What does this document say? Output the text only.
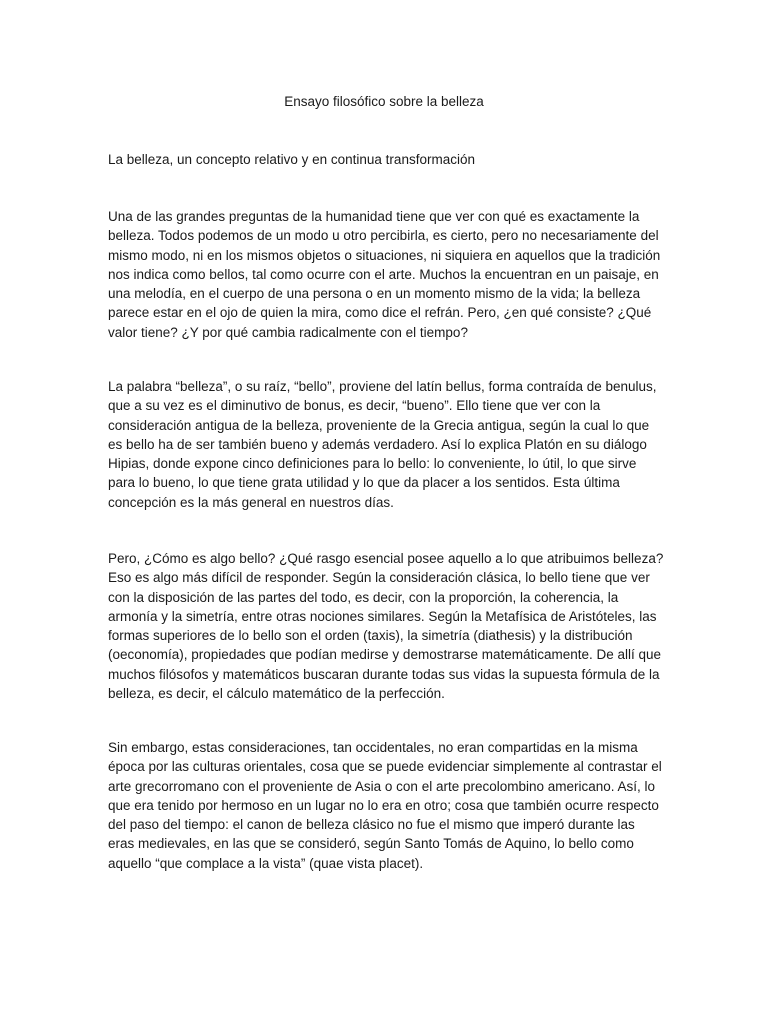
Ensayo filosófico sobre la belleza

La belleza, un concepto relativo y en continua transformación

Una de las grandes preguntas de la humanidad tiene que ver con qué es exactamente la belleza. Todos podemos de un modo u otro percibirla, es cierto, pero no necesariamente del mismo modo, ni en los mismos objetos o situaciones, ni siquiera en aquellos que la tradición nos indica como bellos, tal como ocurre con el arte. Muchos la encuentran en un paisaje, en una melodía, en el cuerpo de una persona o en un momento mismo de la vida; la belleza parece estar en el ojo de quien la mira, como dice el refrán. Pero, ¿en qué consiste? ¿Qué valor tiene? ¿Y por qué cambia radicalmente con el tiempo?

La palabra “belleza”, o su raíz, “bello”, proviene del latín bellus, forma contraída de benulus, que a su vez es el diminutivo de bonus, es decir, “bueno”. Ello tiene que ver con la consideración antigua de la belleza, proveniente de la Grecia antigua, según la cual lo que es bello ha de ser también bueno y además verdadero. Así lo explica Platón en su diálogo Hipias, donde expone cinco definiciones para lo bello: lo conveniente, lo útil, lo que sirve para lo bueno, lo que tiene grata utilidad y lo que da placer a los sentidos. Esta última concepción es la más general en nuestros días.

Pero, ¿Cómo es algo bello? ¿Qué rasgo esencial posee aquello a lo que atribuimos belleza? Eso es algo más difícil de responder. Según la consideración clásica, lo bello tiene que ver con la disposición de las partes del todo, es decir, con la proporción, la coherencia, la armonía y la simetría, entre otras nociones similares. Según la Metafísica de Aristóteles, las formas superiores de lo bello son el orden (taxis), la simetría (diathesis) y la distribución (oeconomía), propiedades que podían medirse y demostrarse matemáticamente. De allí que muchos filósofos y matemáticos buscaran durante todas sus vidas la supuesta fórmula de la belleza, es decir, el cálculo matemático de la perfección.

Sin embargo, estas consideraciones, tan occidentales, no eran compartidas en la misma época por las culturas orientales, cosa que se puede evidenciar simplemente al contrastar el arte grecorromano con el proveniente de Asia o con el arte precolombino americano. Así, lo que era tenido por hermoso en un lugar no lo era en otro; cosa que también ocurre respecto del paso del tiempo: el canon de belleza clásico no fue el mismo que imperó durante las eras medievales, en las que se consideró, según Santo Tomás de Aquino, lo bello como aquello “que complace a la vista” (quae vista placet).
